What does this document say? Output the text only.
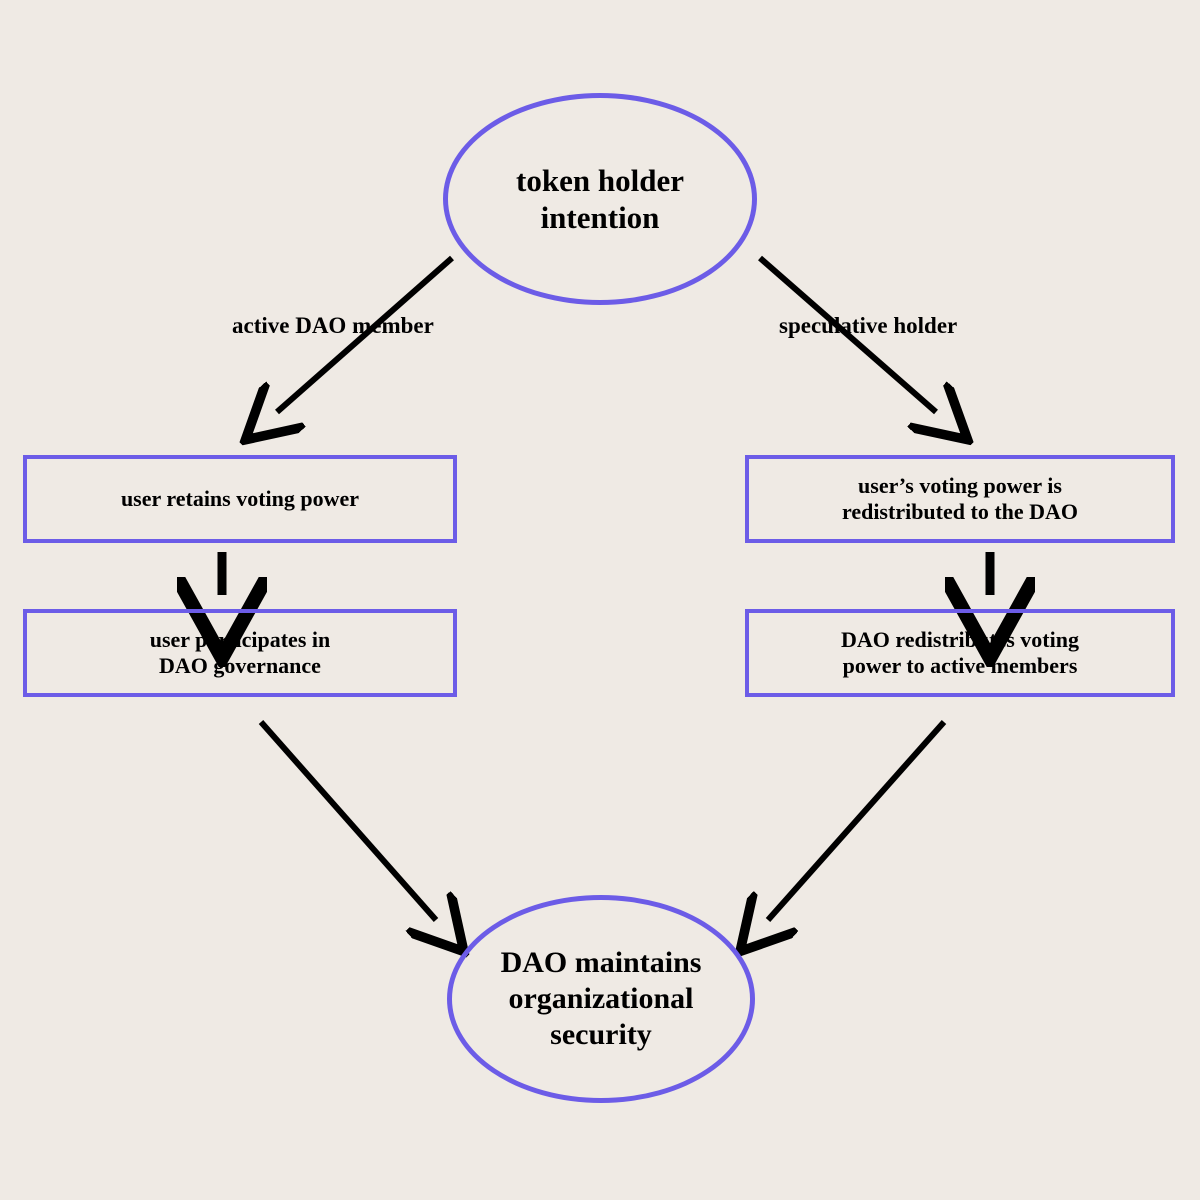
token holder
intention
active DAO member	speculative holder
user retains voting power
user participates in
DAO governance
user’s voting power is
redistributed to the DAO
DAO redistributes voting
power to active members
DAO maintains
organizational
security
